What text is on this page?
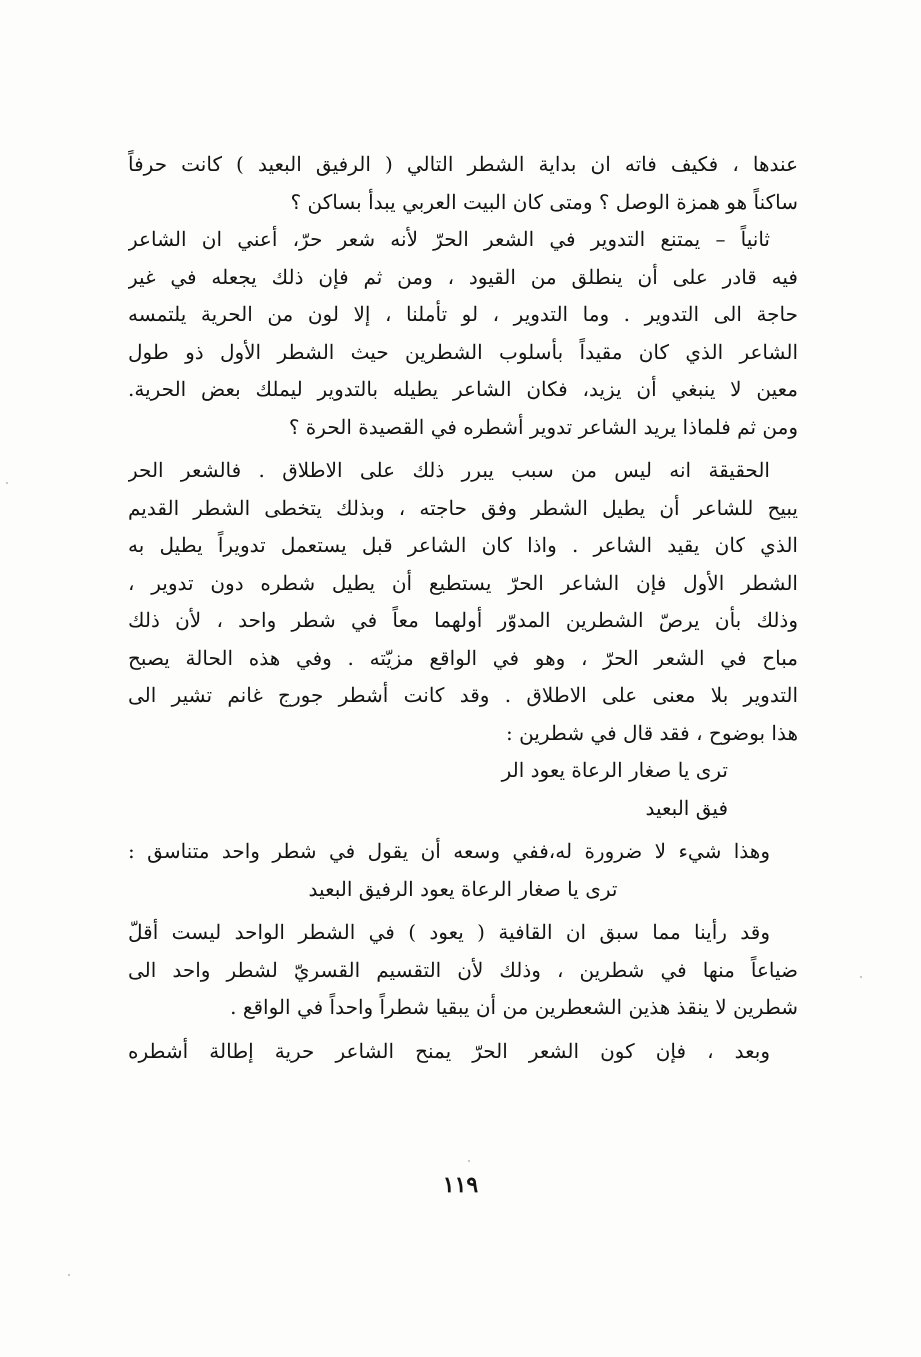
عندها ، فكيف فاته ان بداية الشطر التالي ( الرفيق البعيد ) كانت حرفاً
ساكناً هو همزة الوصل ؟ ومتى كان البيت العربي يبدأ بساكن ؟
ثانياً – يمتنع التدوير في الشعر الحرّ لأنه شعر حرّ، أعني ان الشاعر
فيه قادر على أن ينطلق من القيود ، ومن ثم فإن ذلك يجعله في غير
حاجة الى التدوير . وما التدوير ، لو تأملنا ، إلا لون من الحرية يلتمسه
الشاعر الذي كان مقيداً بأسلوب الشطرين حيث الشطر الأول ذو طول
معين لا ينبغي أن يزيد، فكان الشاعر يطيله بالتدوير ليملك بعض الحرية.
ومن ثم فلماذا يريد الشاعر تدوير أشطره في القصيدة الحرة ؟
الحقيقة انه ليس من سبب يبرر ذلك على الاطلاق . فالشعر الحر
يبيح للشاعر أن يطيل الشطر وفق حاجته ، وبذلك يتخطى الشطر القديم
الذي كان يقيد الشاعر . واذا كان الشاعر قبل يستعمل تدويراً يطيل به
الشطر الأول فإن الشاعر الحرّ يستطيع أن يطيل شطره دون تدوير ،
وذلك بأن يرصّ الشطرين المدوّر أولهما معاً في شطر واحد ، لأن ذلك
مباح في الشعر الحرّ ، وهو في الواقع مزيّته . وفي هذه الحالة يصبح
التدوير بلا معنى على الاطلاق . وقد كانت أشطر جورج غانم تشير الى
هذا بوضوح ، فقد قال في شطرين :
ترى يا صغار الرعاة يعود الر
فيق البعيد
وهذا شيء لا ضرورة له،ففي وسعه أن يقول في شطر واحد متناسق :
ترى يا صغار الرعاة يعود الرفيق البعيد
وقد رأينا مما سبق ان القافية ( يعود ) في الشطر الواحد ليست أقلّ
ضياعاً منها في شطرين ، وذلك لأن التقسيم القسريّ لشطر واحد الى
شطرين لا ينقذ هذين الشعطرين من أن يبقيا شطراً واحداً في الواقع .
وبعد ، فإن كون الشعر الحرّ يمنح الشاعر حرية إطالة أشطره
١١٩
